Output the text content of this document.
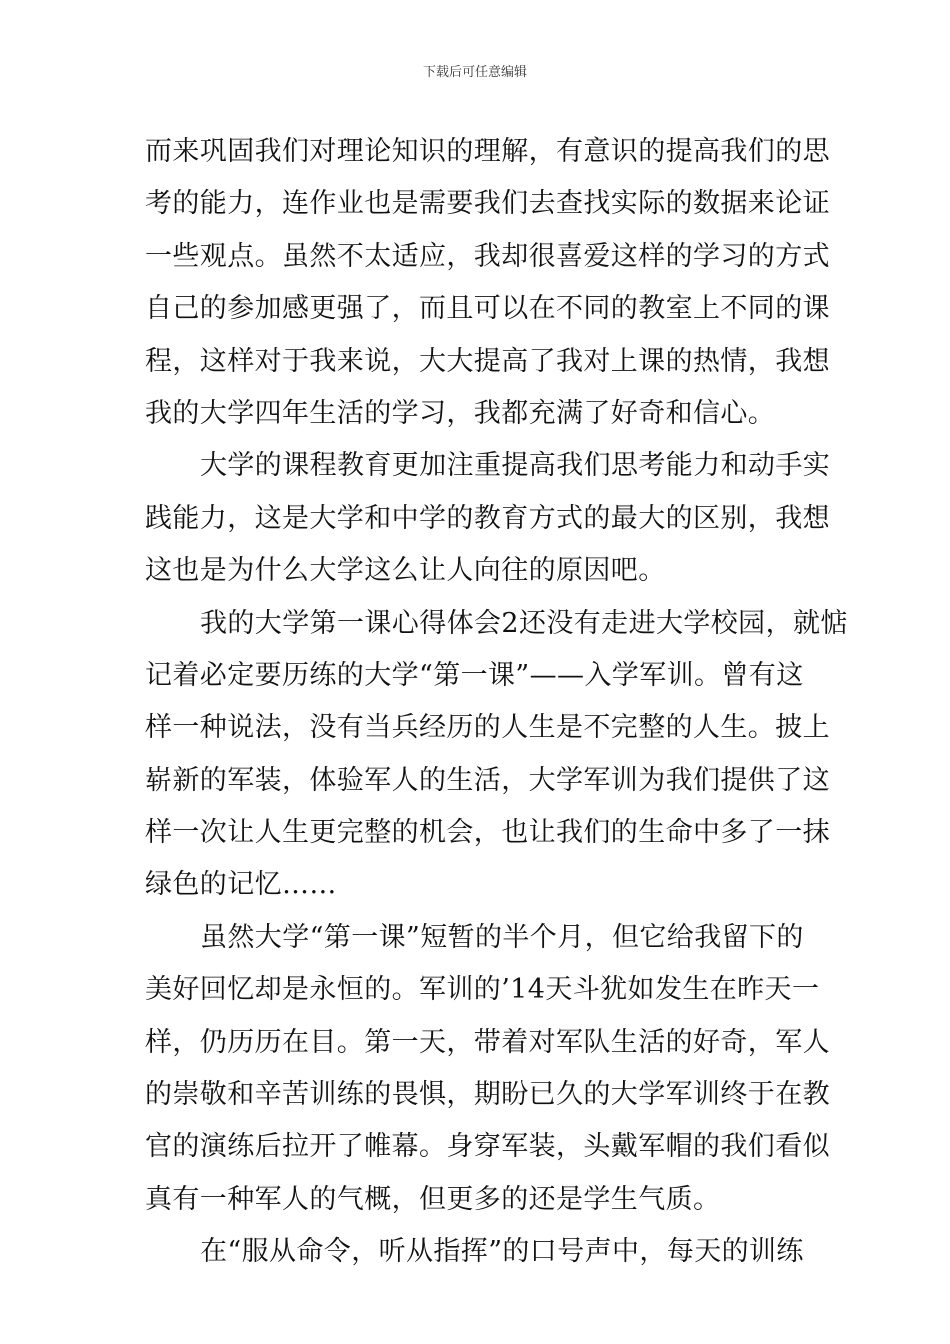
下载后可任意编辑
而来巩固我们对理论知识的理解，有意识的提高我们的思
考的能力，连作业也是需要我们去查找实际的数据来论证
一些观点。虽然不太适应，我却很喜爱这样的学习的方式
自己的参加感更强了，而且可以在不同的教室上不同的课
程，这样对于我来说，大大提高了我对上课的热情，我想
我的大学四年生活的学习，我都充满了好奇和信心。
大学的课程教育更加注重提高我们思考能力和动手实
践能力，这是大学和中学的教育方式的最大的区别，我想
这也是为什么大学这么让人向往的原因吧。
我的大学第一课心得体会2还没有走进大学校园，就惦
记着必定要历练的大学“第一课”——入学军训。曾有这
样一种说法，没有当兵经历的人生是不完整的人生。披上
崭新的军装，体验军人的生活，大学军训为我们提供了这
样一次让人生更完整的机会，也让我们的生命中多了一抹
绿色的记忆……
虽然大学“第一课”短暂的半个月，但它给我留下的
美好回忆却是永恒的。军训的’14天斗犹如发生在昨天一
样，仍历历在目。第一天，带着对军队生活的好奇，军人
的崇敬和辛苦训练的畏惧，期盼已久的大学军训终于在教
官的演练后拉开了帷幕。身穿军装，头戴军帽的我们看似
真有一种军人的气概，但更多的还是学生气质。
在“服从命令，听从指挥”的口号声中，每天的训练
